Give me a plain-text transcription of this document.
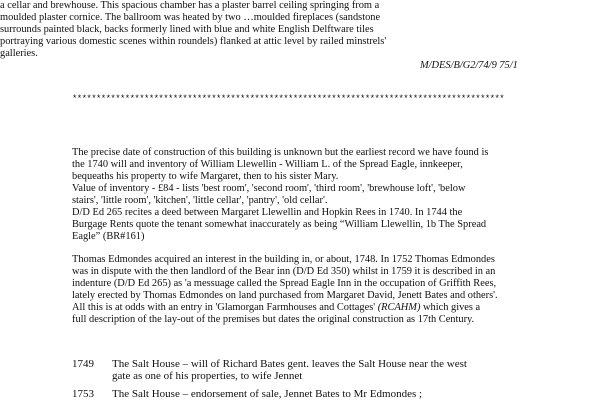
a cellar and brewhouse. This spacious chamber has a plaster barrel ceiling springing from a
moulded plaster cornice. The ballroom was heated by two …moulded fireplaces (sandstone
surrounds painted black, backs formerly lined with blue and white English Delftware tiles
portraying various domestic scenes within roundels) flanked at attic level by railed minstrels'
galleries.
M/DES/B/G2/74/9 75/1
******************************************************************************************
The precise date of construction of this building is unknown but the earliest record we have found is
the 1740 will and inventory of William Llewellin - William L. of the Spread Eagle, innkeeper,
bequeaths his property to wife Margaret, then to his sister Mary.
Value of inventory - £84 - lists 'best room', 'second room', 'third room', 'brewhouse loft', 'below
stairs', 'little room', 'kitchen', 'little cellar', 'pantry', 'old cellar'.
D/D Ed 265 recites a deed between Margaret Llewellin and Hopkin Rees in 1740. In 1744 the
Burgage Rents quote the tenant somewhat inaccurately as being “William Llewellin, 1b The Spread
Eagle” (BR#161)
Thomas Edmondes acquired an interest in the building in, or about, 1748. In 1752 Thomas Edmondes
was in dispute with the then landlord of the Bear inn (D/D Ed 350) whilst in 1759 it is described in an
indenture (D/D Ed 265) as 'a messuage called the Spread Eagle Inn in the occupation of Griffith Rees,
lately erected by Thomas Edmondes on land purchased from Margaret David, Jenett Bates and others'.
All this is at odds with an entry in 'Glamorgan Farmhouses and Cottages' (RCAHM) which gives a
full description of the lay-out of the premises but dates the original construction as 17th Century.
1749	The Salt House – will of Richard Bates gent. leaves the Salt House near the west
gate as one of his properties, to wife Jennet
1753	The Salt House – endorsement of sale, Jennet Bates to Mr Edmondes ;
